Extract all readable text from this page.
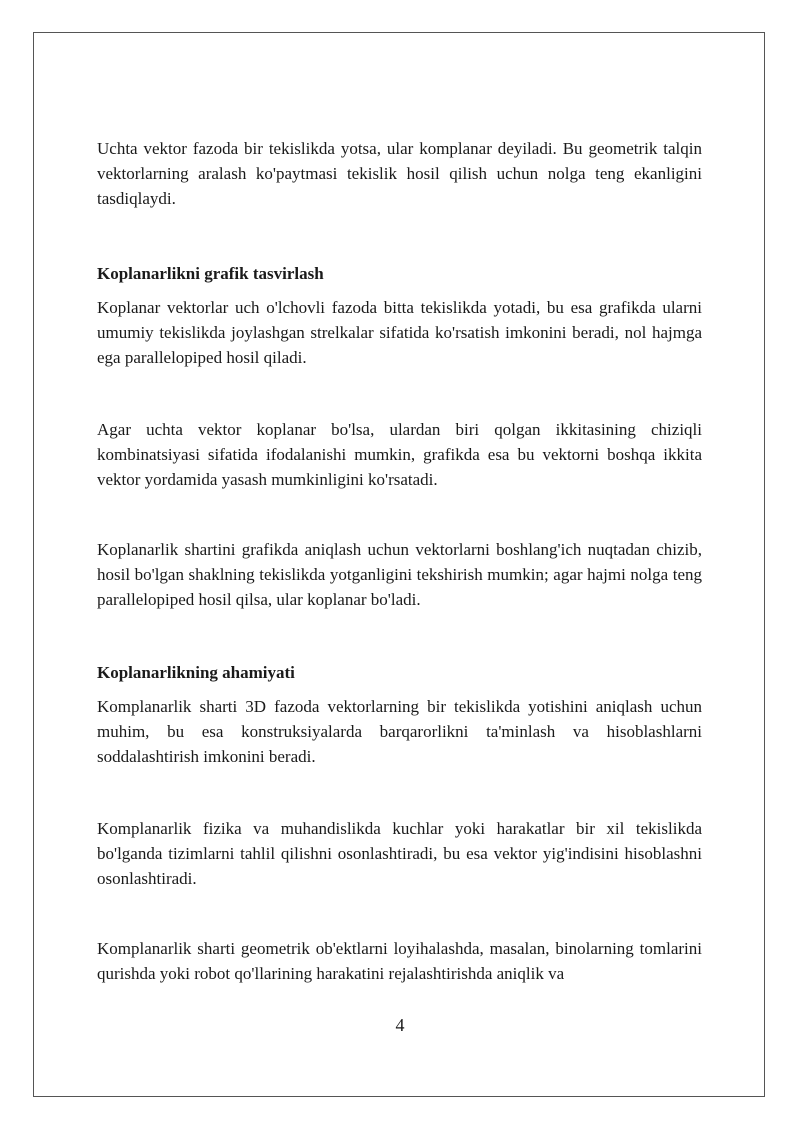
Uchta vektor fazoda bir tekislikda yotsa, ular komplanar deyiladi. Bu geometrik talqin vektorlarning aralash ko'paytmasi tekislik hosil qilish uchun nolga teng ekanligini tasdiqlaydi.

Koplanarlikni grafik tasvirlash

Koplanar vektorlar uch o'lchovli fazoda bitta tekislikda yotadi, bu esa grafikda ularni umumiy tekislikda joylashgan strelkalar sifatida ko'rsatish imkonini beradi, nol hajmga ega parallelopiped hosil qiladi.

Agar uchta vektor koplanar bo'lsa, ulardan biri qolgan ikkitasining chiziqli kombinatsiyasi sifatida ifodalanishi mumkin, grafikda esa bu vektorni boshqa ikkita vektor yordamida yasash mumkinligini ko'rsatadi.

Koplanarlik shartini grafikda aniqlash uchun vektorlarni boshlang'ich nuqtadan chizib, hosil bo'lgan shaklning tekislikda yotganligini tekshirish mumkin; agar hajmi nolga teng parallelopiped hosil qilsa, ular koplanar bo'ladi.

Koplanarlikning ahamiyati

Komplanarlik sharti 3D fazoda vektorlarning bir tekislikda yotishini aniqlash uchun muhim, bu esa konstruksiyalarda barqarorlikni ta'minlash va hisoblashlarni soddalashtirish imkonini beradi.

Komplanarlik fizika va muhandislikda kuchlar yoki harakatlar bir xil tekislikda bo'lganda tizimlarni tahlil qilishni osonlashtiradi, bu esa vektor yig'indisini hisoblashni osonlashtiradi.

Komplanarlik sharti geometrik ob'ektlarni loyihalashda, masalan, binolarning tomlarini qurishda yoki robot qo'llarining harakatini rejalashtirishda aniqlik va

4
